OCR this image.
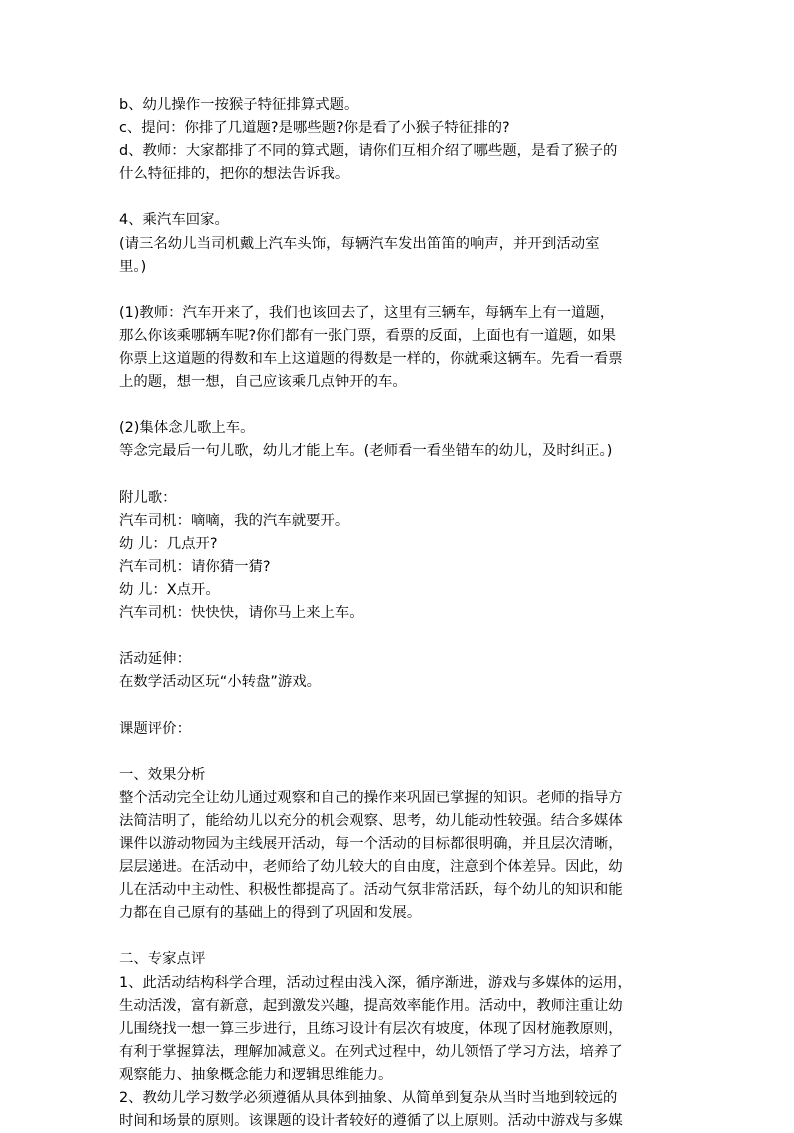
b、幼儿操作一按猴子特征排算式题。
c、提问：你排了几道题?是哪些题?你是看了小猴子特征排的?
d、教师：大家都排了不同的算式题，请你们互相介绍了哪些题，是看了猴子的
什么特征排的，把你的想法告诉我。
4、乘汽车回家。
(请三名幼儿当司机戴上汽车头饰，每辆汽车发出笛笛的响声，并开到活动室
里。)
(1)教师：汽车开来了，我们也该回去了，这里有三辆车，每辆车上有一道题，
那么你该乘哪辆车呢?你们都有一张门票，看票的反面，上面也有一道题，如果
你票上这道题的得数和车上这道题的得数是一样的，你就乘这辆车。先看一看票
上的题，想一想，自己应该乘几点钟开的车。
(2)集体念儿歌上车。
等念完最后一句儿歌，幼儿才能上车。(老师看一看坐错车的幼儿，及时纠正。)
附儿歌：
汽车司机：嘀嘀，我的汽车就要开。
幼 儿：几点开?
汽车司机：请你猜一猜?
幼 儿：X点开。
汽车司机：快快快，请你马上来上车。
活动延伸：
在数学活动区玩“小转盘”游戏。
课题评价：
一、效果分析
整个活动完全让幼儿通过观察和自己的操作来巩固已掌握的知识。老师的指导方
法简洁明了，能给幼儿以充分的机会观察、思考，幼儿能动性较强。结合多媒体
课件以游动物园为主线展开活动，每一个活动的目标都很明确，并且层次清晰，
层层递进。在活动中，老师给了幼儿较大的自由度，注意到个体差异。因此，幼
儿在活动中主动性、积极性都提高了。活动气氛非常活跃，每个幼儿的知识和能
力都在自己原有的基础上的得到了巩固和发展。
二、专家点评
1、此活动结构科学合理，活动过程由浅入深，循序渐进，游戏与多媒体的运用，
生动活泼，富有新意，起到激发兴趣，提高效率能作用。活动中，教师注重让幼
儿围绕找一想一算三步进行，且练习设计有层次有坡度，体现了因材施教原则，
有利于掌握算法，理解加减意义。在列式过程中，幼儿领悟了学习方法，培养了
观察能力、抽象概念能力和逻辑思维能力。
2、教幼儿学习数学必须遵循从具体到抽象、从简单到复杂从当时当地到较远的
时间和场景的原则。该课题的设计者较好的遵循了以上原则。活动中游戏与多媒
